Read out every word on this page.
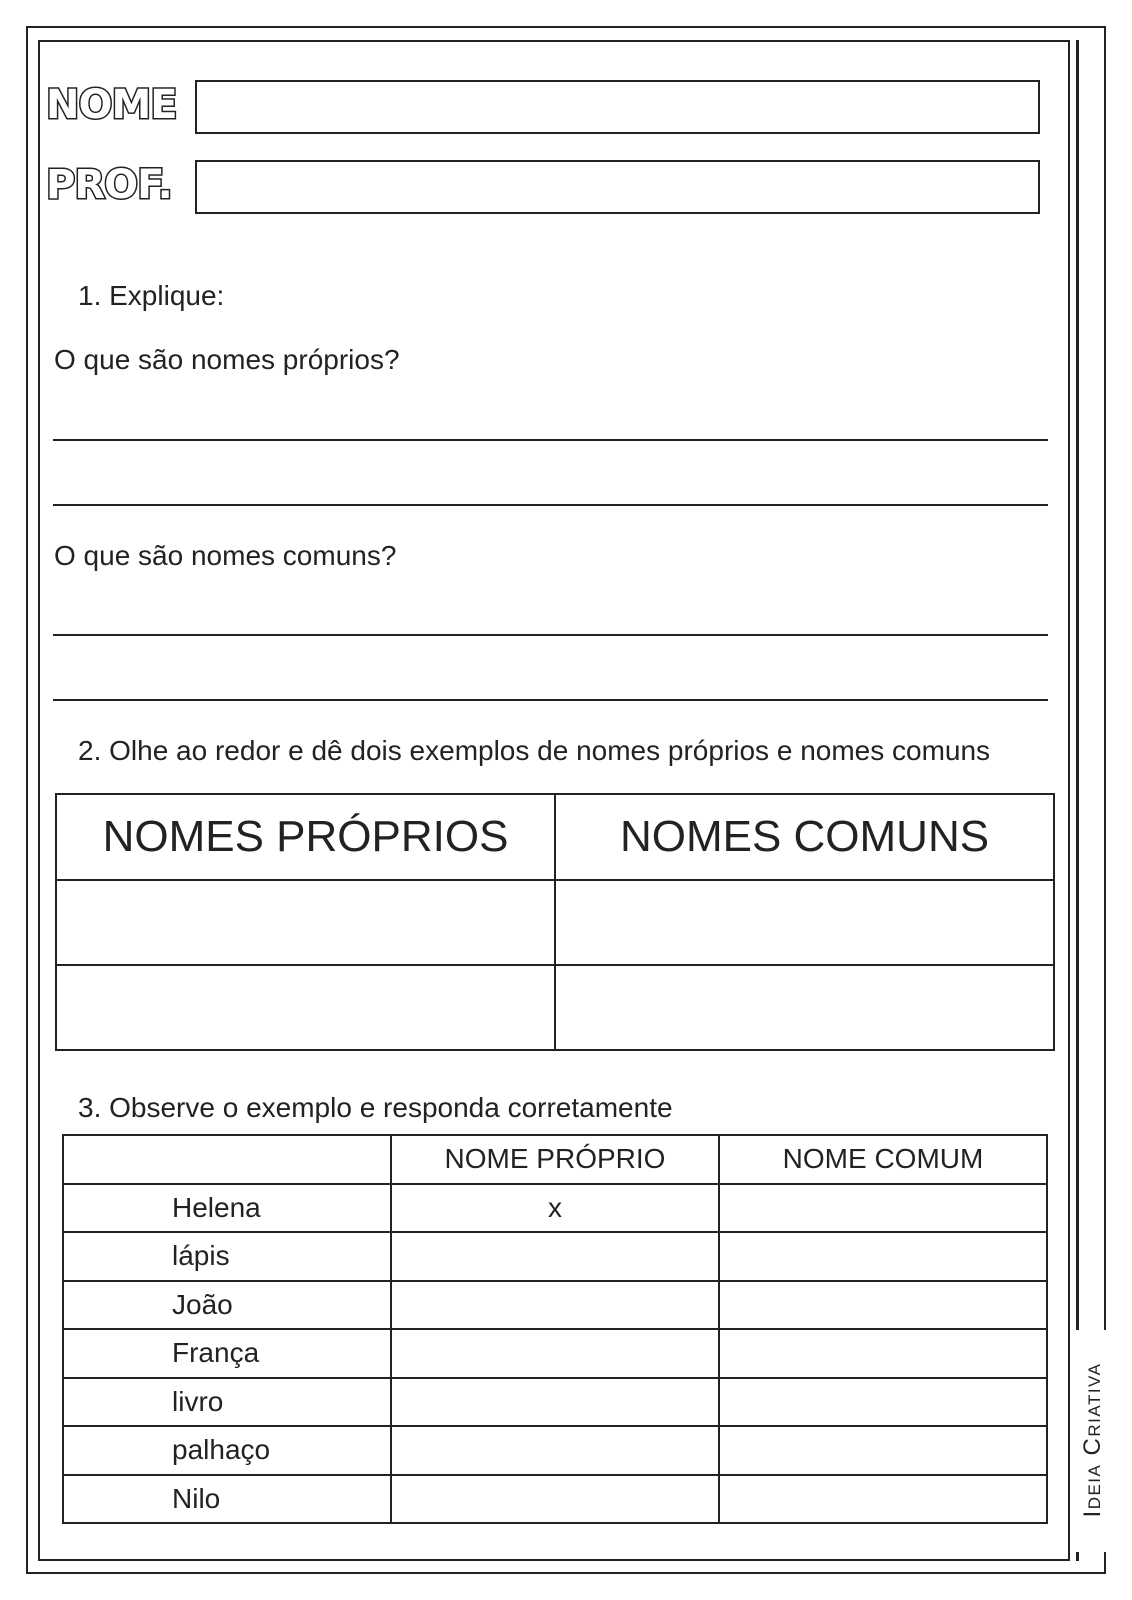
Ideia Criativa
NOME
PROF.
1. Explique:
O que são nomes próprios?
O que são nomes comuns?
2. Olhe ao redor e dê dois exemplos de nomes próprios e nomes comuns
NOMES PRÓPRIOS	NOMES COMUNS

3. Observe o exemplo e responda corretamente
	NOME PRÓPRIO	NOME COMUM
Helena	x	
lápis		
João		
França		
livro		
palhaço		
Nilo		
